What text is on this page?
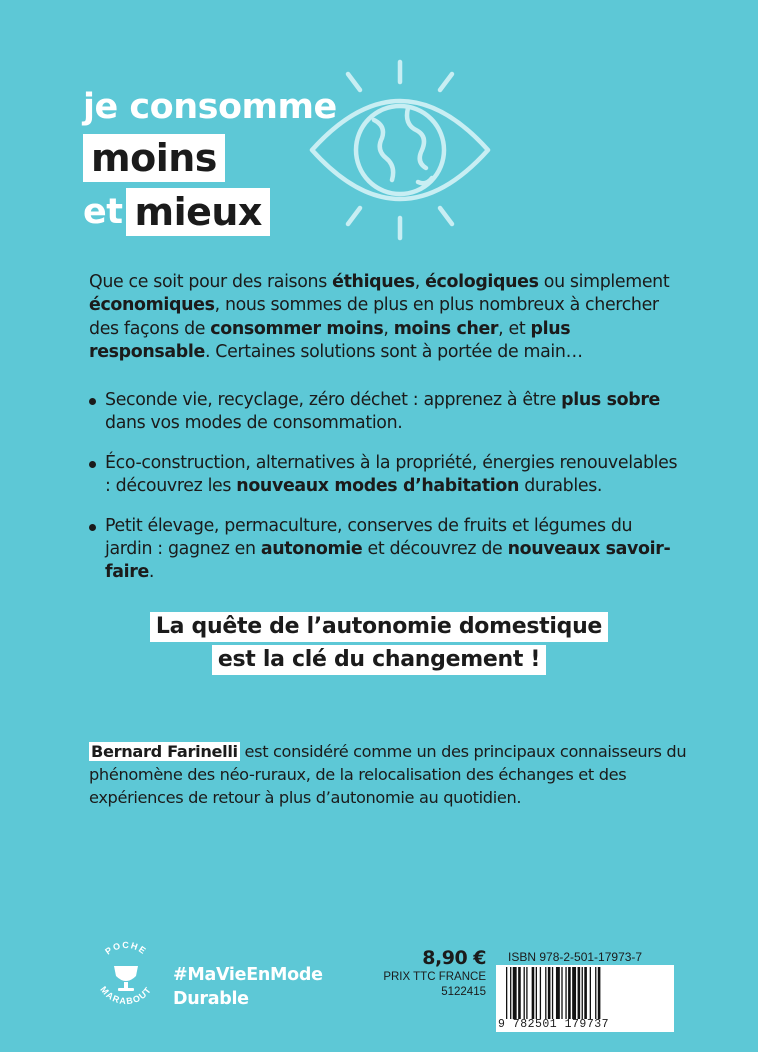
je consomme
moins
et mieux
Que ce soit pour des raisons éthiques, écologiques ou simplement économiques, nous sommes de plus en plus nombreux à chercher des façons de consommer moins, moins cher, et plus responsable. Certaines solutions sont à portée de main…
Seconde vie, recyclage, zéro déchet : apprenez à être plus sobre dans vos modes de consommation.
Éco-construction, alternatives à la propriété, énergies renouvelables : découvrez les nouveaux modes d’habitation durables.
Petit élevage, permaculture, conserves de fruits et légumes du jardin : gagnez en autonomie et découvrez de nouveaux savoir-faire.
La quête de l’autonomie domestique
est la clé du changement !
Bernard Farinelli est considéré comme un des principaux connaisseurs du phénomène des néo-ruraux, de la relocalisation des échanges et des expériences de retour à plus d’autonomie au quotidien.
POCHE
MARABOUT
#MaVieEnMode
Durable
8,90 €
PRIX TTC FRANCE
5122415
ISBN 978-2-501-17973-7
9 782501 179737
